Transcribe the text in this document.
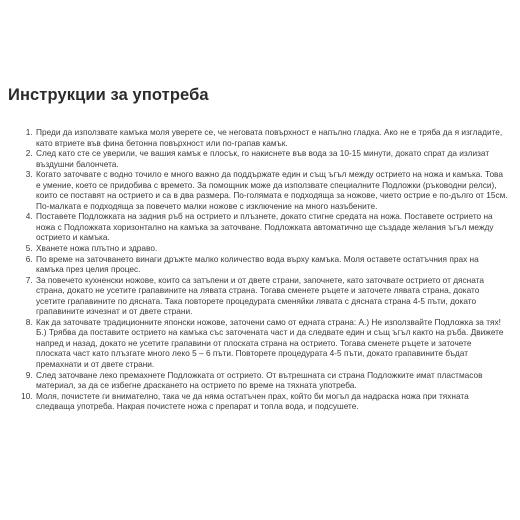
Инструкции за употреба
1. Преди да използвате камъка моля уверете се, че неговата повърхност е напълно гладка. Ако не е тряба да я изгладите, като втриете във фина бетонна повърхност или по-грапав камък.
2. След като сте се уверили, че вашия камък е плосък, го накиснете във вода за 10-15 минути, докато спрат да излизат въздушни балончета.
3. Когато заточвате с водно точило е много важно да поддържате един и същ ъгъл между острието на ножа и камъка. Това е умение, което се придобива с времето. За помощник може да използвате специалните Подложки (ръководни релси), които се поставят на острието и са в два размера. По-голямата е подходяща за ножове, чието острие е по-дълго от 15см. По-малката е подходяща за повечето малки ножове с изключение на много назъбените.
4. Поставете Подложката на задния ръб на острието и плъзнете, докато стигне средата на ножа. Поставете острието на ножа с Подложката хоризонтално на камъка за заточване. Подложката автоматично ще създаде желания ъгъл между острието и камъка.
5. Хванете ножа плътно и здраво.
6. По време на заточването винаги дръжте малко количество вода върху камъка. Моля оставете остатъчния прах на камъка през целия процес.
7. За повечето кухненски ножове, които са затъпени и от двете страни, започнете, като заточвате острието от дясната страна, докато не усетите грапавините на лявата страна. Тогава сменете ръцете и заточете лявата страна, докато усетите грапавините по дясната. Така повторете процедурата сменяйки лявата с дясната страна 4-5 пъти, докато грапавините изчезнат и от двете страни.
8. Как да заточвате традиционните японски ножове, заточени само от едната страна: А.) Не използвайте Подложка за тях! Б.) Трябва да поставите острието на камъка със заточената част и да следвате един и същ ъгъл както на ръба. Движете напред и назад, докато не усетите грапавини от плоската страна на острието. Тогава сменете ръцете и заточете плоската част като плъзгате много леко 5 – 6 пъти. Повторете процедурата 4-5 пъти, докато грапавините бъдат премахнати и от двете страни.
9. След заточване леко премахнете Подложката от острието. От вътрешната си страна Подложките имат пластмасов материал, за да се избегне драскането на острието по време на тяхната употреба.
10. Моля, почистете ги внимателно, така че да няма остатъчен прах, който би могъл да надраска ножа при тяхната следваща употреба. Накрая почистете ножа с препарат и топла вода, и подсушете.
